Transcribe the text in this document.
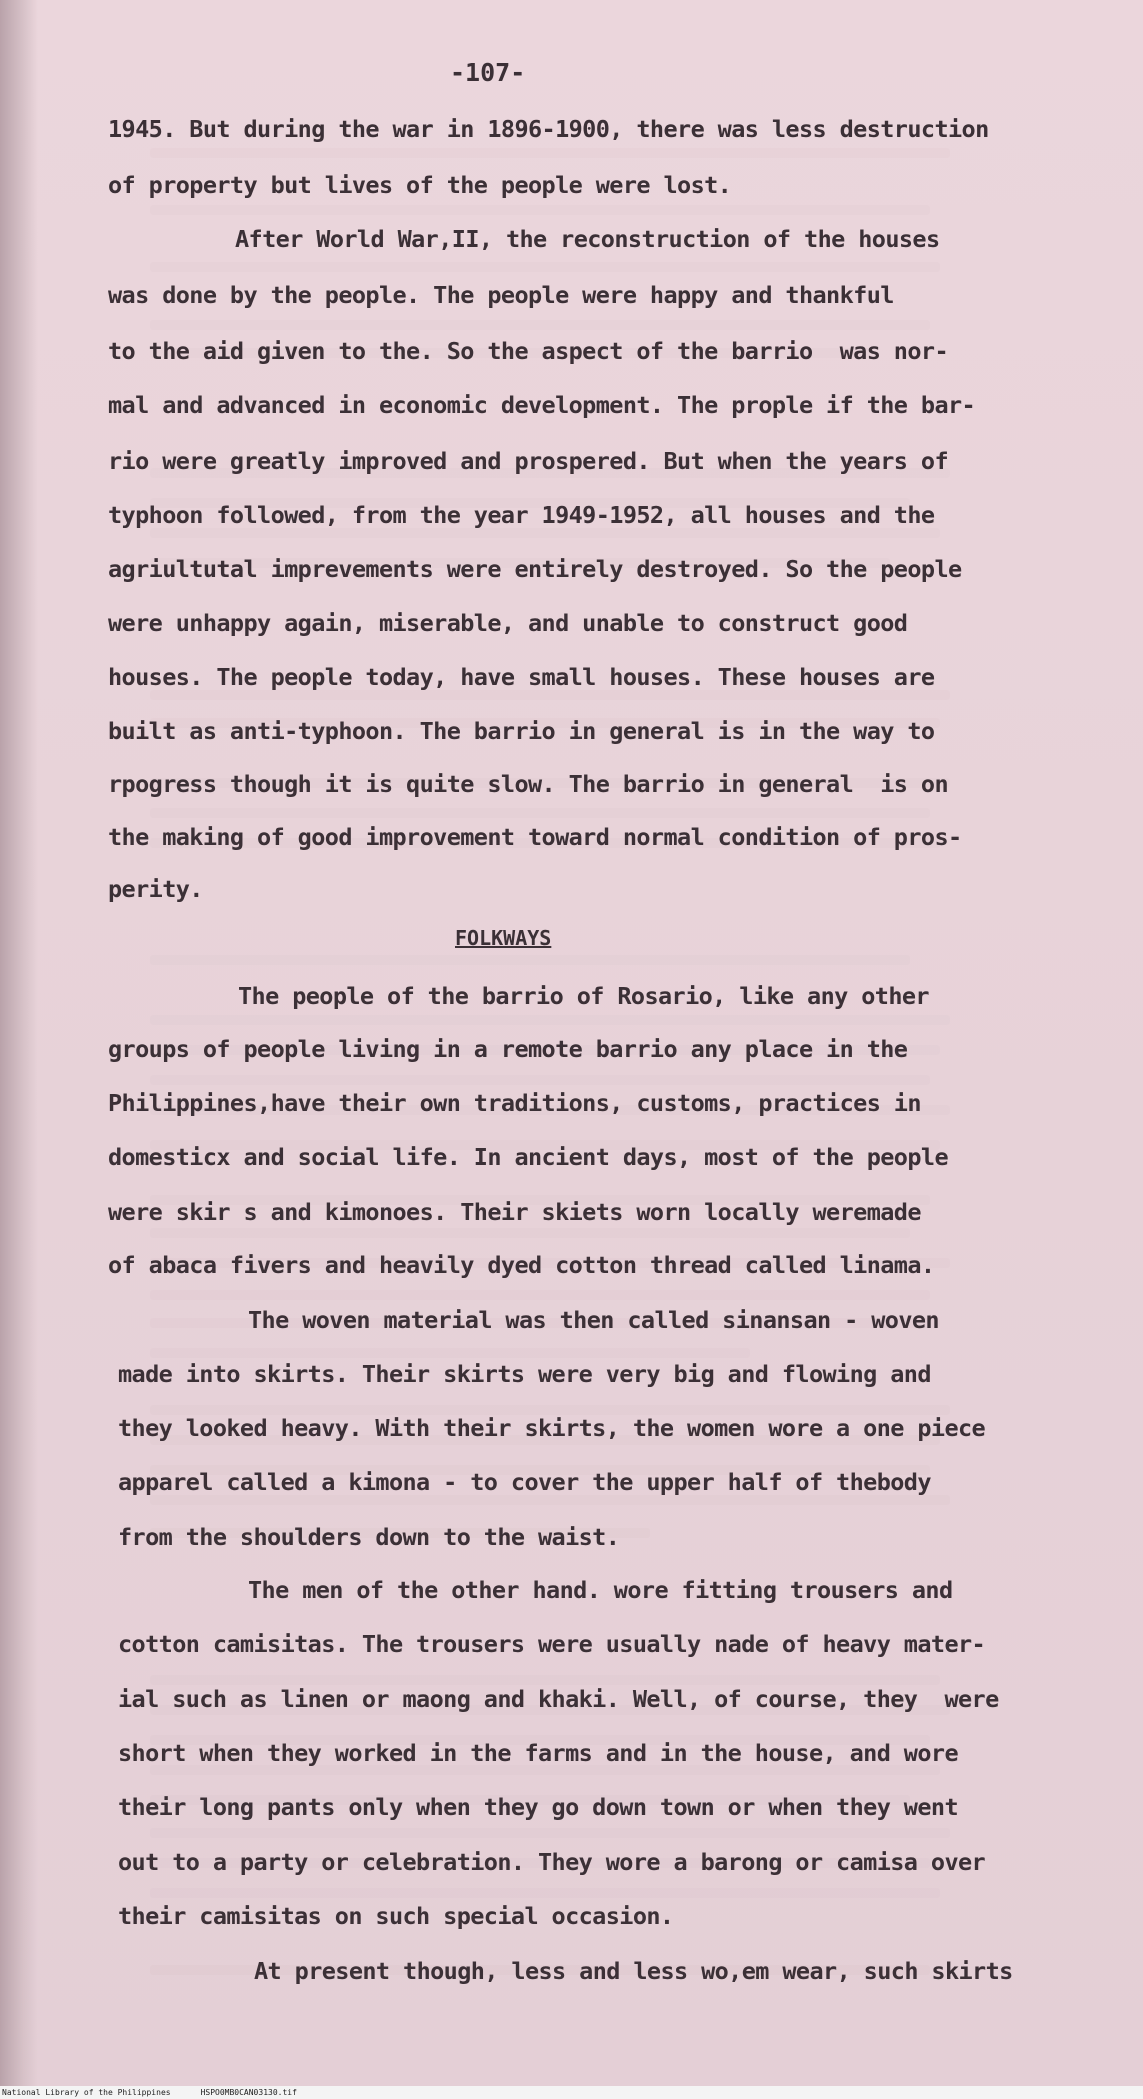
-107-
1945. But during the war in 1896-1900, there was less destruction
of property but lives of the people were lost.
After World War,II, the reconstruction of the houses
was done by the people. The people were happy and thankful
to the aid given to the. So the aspect of the barrio  was nor-
mal and advanced in economic development. The prople if the bar-
rio were greatly improved and prospered. But when the years of
typhoon followed, from the year 1949-1952, all houses and the
agriultutal imprevements were entirely destroyed. So the people
were unhappy again, miserable, and unable to construct good
houses. The people today, have small houses. These houses are
built as anti-typhoon. The barrio in general is in the way to
rpogress though it is quite slow. The barrio in general  is on
the making of good improvement toward normal condition of pros-
perity.
The people of the barrio of Rosario, like any other
groups of people living in a remote barrio any place in the
Philippines,have their own traditions, customs, practices in
domesticx and social life. In ancient days, most of the people
were skir s and kimonoes. Their skiets worn locally weremade
of abaca fivers and heavily dyed cotton thread called linama.
The woven material was then called sinansan - woven
made into skirts. Their skirts were very big and flowing and
they looked heavy. With their skirts, the women wore a one piece
apparel called a kimona - to cover the upper half of thebody
from the shoulders down to the waist.
The men of the other hand. wore fitting trousers and
cotton camisitas. The trousers were usually nade of heavy mater-
ial such as linen or maong and khaki. Well, of course, they  were
short when they worked in the farms and in the house, and wore
their long pants only when they go down town or when they went
out to a party or celebration. They wore a barong or camisa over
their camisitas on such special occasion.
At present though, less and less wo,em wear, such skirts
FOLKWAYS
National Library of the Philippines	HSPO0MB0CAN03130.tif
